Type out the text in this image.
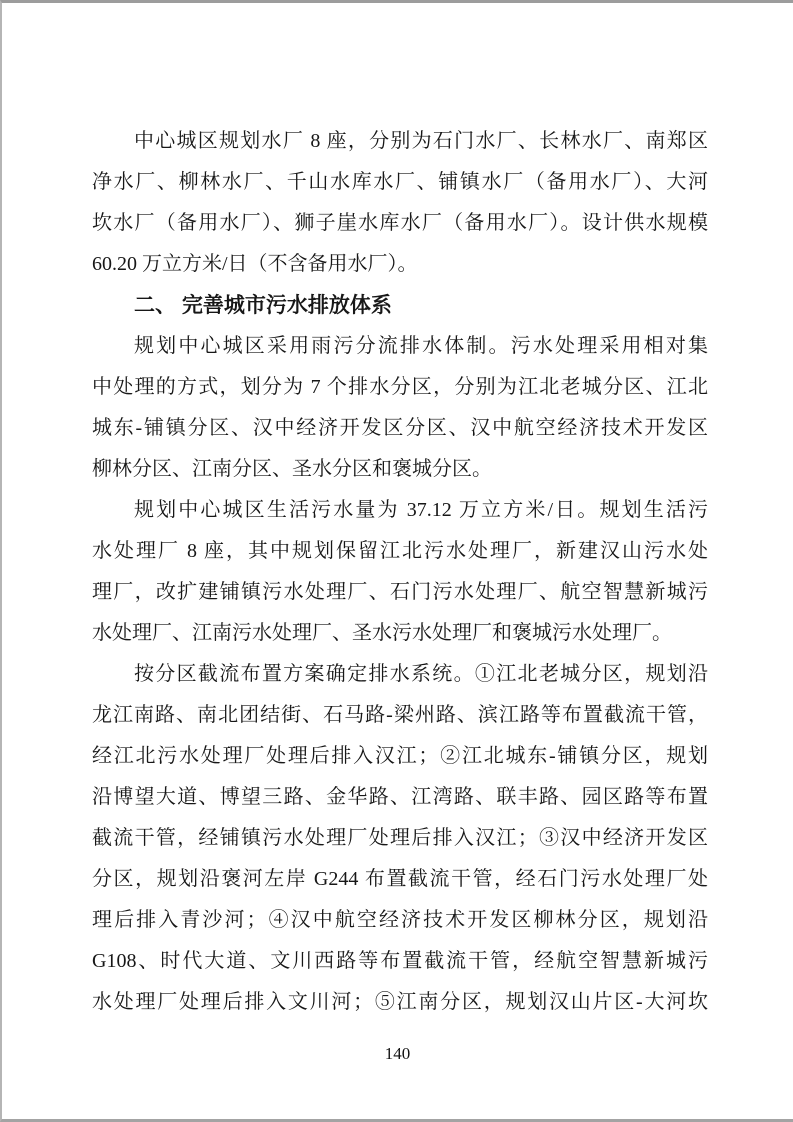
中心城区规划水厂 8 座，分别为石门水厂、长林水厂、南郑区
净水厂、柳林水厂、千山水库水厂、铺镇水厂（备用水厂）、大河
坎水厂（备用水厂）、狮子崖水库水厂（备用水厂）。设计供水规模
60.20 万立方米/日（不含备用水厂）。
二、 完善城市污水排放体系
规划中心城区采用雨污分流排水体制。污水处理采用相对集
中处理的方式，划分为 7 个排水分区，分别为江北老城分区、江北
城东-铺镇分区、汉中经济开发区分区、汉中航空经济技术开发区
柳林分区、江南分区、圣水分区和褒城分区。
规划中心城区生活污水量为 37.12 万立方米/日。规划生活污
水处理厂 8 座，其中规划保留江北污水处理厂，新建汉山污水处
理厂，改扩建铺镇污水处理厂、石门污水处理厂、航空智慧新城污
水处理厂、江南污水处理厂、圣水污水处理厂和褒城污水处理厂。
按分区截流布置方案确定排水系统。①江北老城分区，规划沿
龙江南路、南北团结街、石马路-梁州路、滨江路等布置截流干管，
经江北污水处理厂处理后排入汉江；②江北城东-铺镇分区，规划
沿博望大道、博望三路、金华路、江湾路、联丰路、园区路等布置
截流干管，经铺镇污水处理厂处理后排入汉江；③汉中经济开发区
分区，规划沿褒河左岸 G244 布置截流干管，经石门污水处理厂处
理后排入青沙河；④汉中航空经济技术开发区柳林分区，规划沿
G108、时代大道、文川西路等布置截流干管，经航空智慧新城污
水处理厂处理后排入文川河；⑤江南分区，规划汉山片区-大河坎
140
